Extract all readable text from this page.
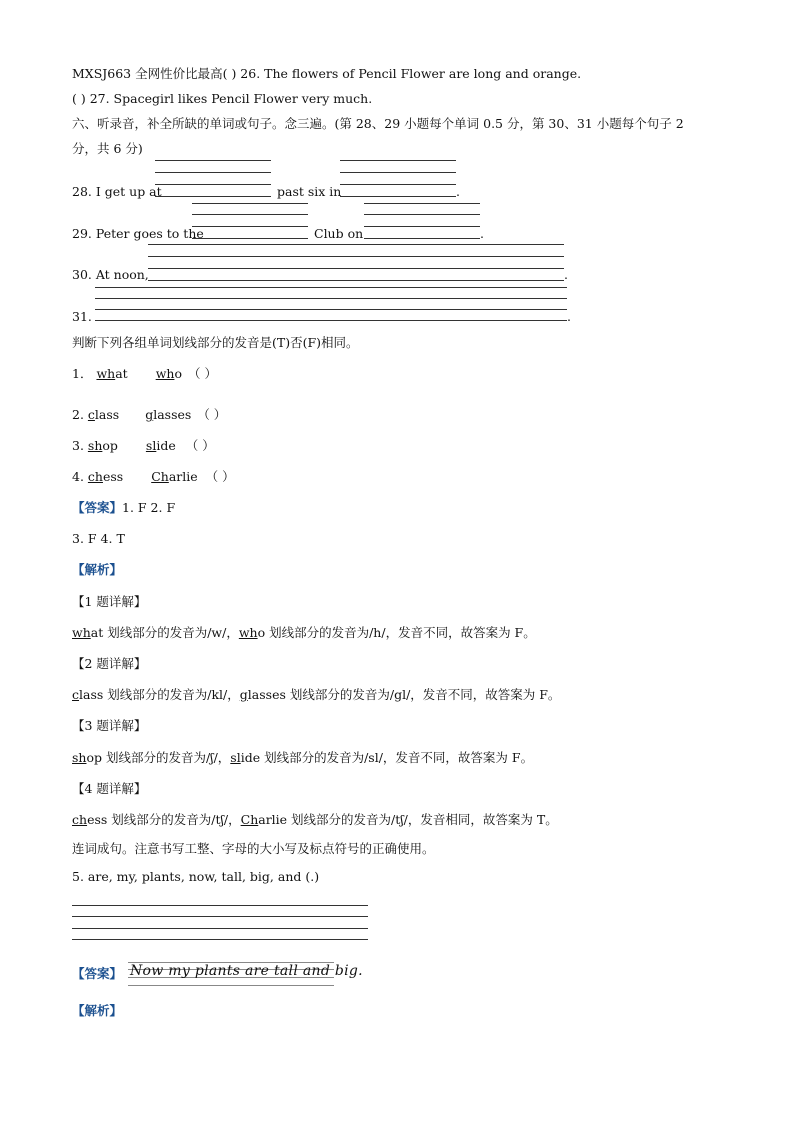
MXSJ663 全网性价比最高( ) 26. The flowers of Pencil Flower are long and orange.
( ) 27. Spacegirl likes Pencil Flower very much.
六、听录音，补全所缺的单词或句子。念三遍。(第 28、29 小题每个单词 0.5 分，第 30、31 小题每个句子 2
分，共 6 分)
28. I get up at	past six in	.
29. Peter goes to the	Club on	.
30. At noon,	.
31.	.
判断下列各组单词划线部分的发音是(T)否(F)相同。
1． what who （ ）
2. class glasses （ ）
3. shop slide （ ）
4. chess Charlie （ ）
【答案】1. F 2. F
3. F 4. T
【解析】
【1 题详解】
what 划线部分的发音为/w/，who 划线部分的发音为/h/，发音不同，故答案为 F。
【2 题详解】
class 划线部分的发音为/kl/，glasses 划线部分的发音为/gl/，发音不同，故答案为 F。
【3 题详解】
shop 划线部分的发音为/ʃ/，slide 划线部分的发音为/sl/，发音不同，故答案为 F。
【4 题详解】
chess 划线部分的发音为/tʃ/，Charlie 划线部分的发音为/tʃ/，发音相同，故答案为 T。
连词成句。注意书写工整、字母的大小写及标点符号的正确使用。
5. are, my, plants, now, tall, big, and (.)
【答案】 Now my plants are tall and big.
【解析】
